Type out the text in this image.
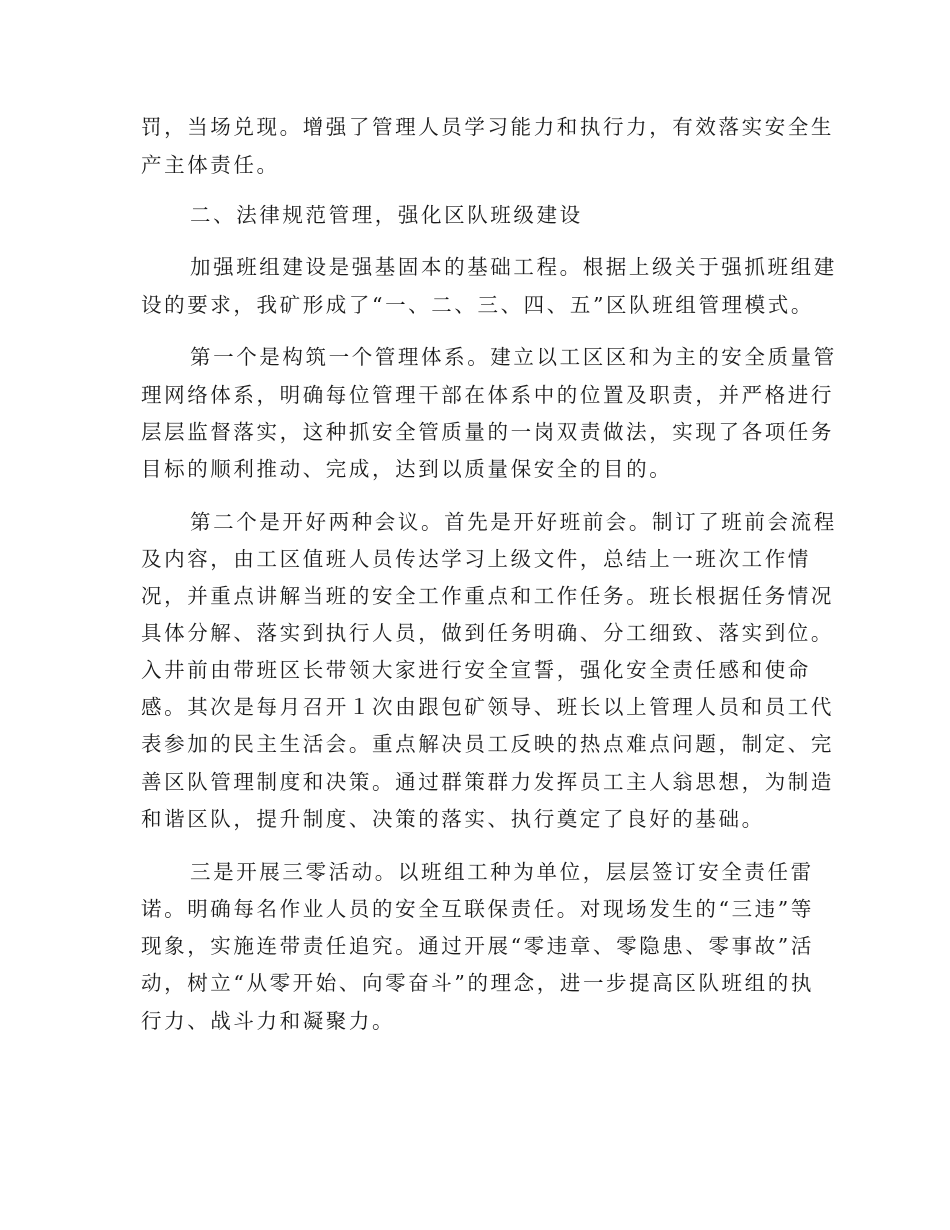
罚，当场兑现。增强了管理人员学习能力和执行力，有效落实安全生
产主体责任。
二、法律规范管理，强化区队班级建设
加强班组建设是强基固本的基础工程。根据上级关于强抓班组建
设的要求，我矿形成了“一、二、三、四、五”区队班组管理模式。
第一个是构筑一个管理体系。建立以工区区和为主的安全质量管
理网络体系，明确每位管理干部在体系中的位置及职责，并严格进行
层层监督落实，这种抓安全管质量的一岗双责做法，实现了各项任务
目标的顺利推动、完成，达到以质量保安全的目的。
第二个是开好两种会议。首先是开好班前会。制订了班前会流程
及内容，由工区值班人员传达学习上级文件，总结上一班次工作情
况，并重点讲解当班的安全工作重点和工作任务。班长根据任务情况
具体分解、落实到执行人员，做到任务明确、分工细致、落实到位。
入井前由带班区长带领大家进行安全宣誓，强化安全责任感和使命
感。其次是每月召开１次由跟包矿领导、班长以上管理人员和员工代
表参加的民主生活会。重点解决员工反映的热点难点问题，制定、完
善区队管理制度和决策。通过群策群力发挥员工主人翁思想，为制造
和谐区队，提升制度、决策的落实、执行奠定了良好的基础。
三是开展三零活动。以班组工种为单位，层层签订安全责任雷
诺。明确每名作业人员的安全互联保责任。对现场发生的“三违”等
现象，实施连带责任追究。通过开展“零违章、零隐患、零事故”活
动，树立“从零开始、向零奋斗”的理念，进一步提高区队班组的执
行力、战斗力和凝聚力。
